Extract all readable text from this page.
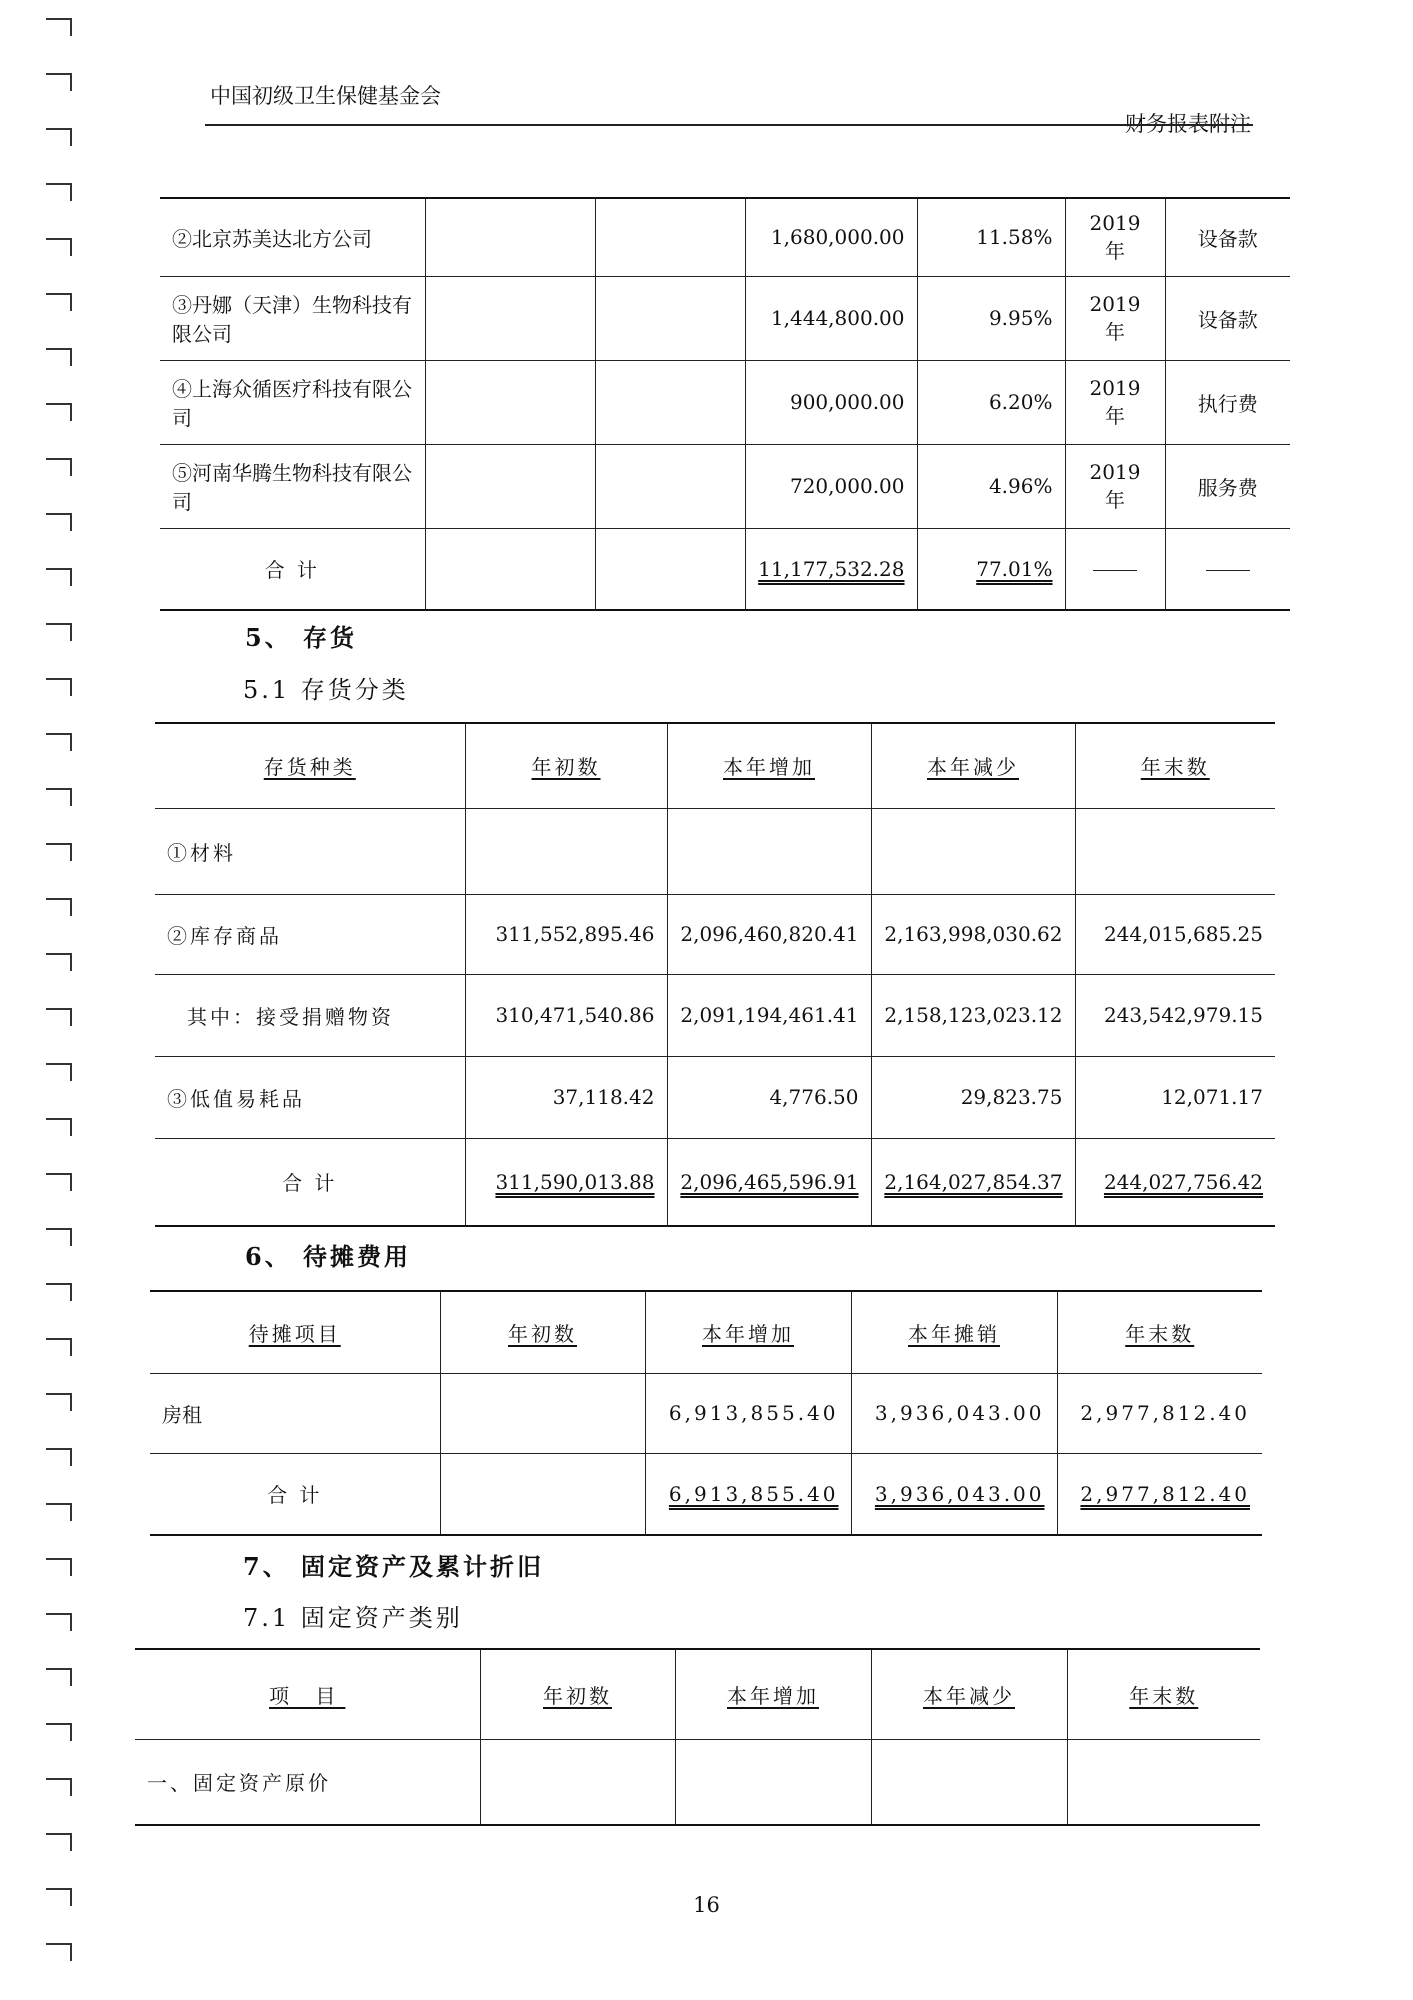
中国初级卫生保健基金会
财务报表附注
②北京苏美达北方公司			1,680,000.00	11.58%	2019 年	设备款
③丹娜（天津）生物科技有限公司			1,444,800.00	9.95%	2019 年	设备款
④上海众循医疗科技有限公司			900,000.00	6.20%	2019 年	执行费
⑤河南华腾生物科技有限公司			720,000.00	4.96%	2019 年	服务费
合 计			11,177,532.28	77.01%		
5、 存货
5.1 存货分类
存货种类	年初数	本年增加	本年减少	年末数
①材料				
②库存商品	311,552,895.46	2,096,460,820.41	2,163,998,030.62	244,015,685.25
其中：接受捐赠物资	310,471,540.86	2,091,194,461.41	2,158,123,023.12	243,542,979.15
③低值易耗品	37,118.42	4,776.50	29,823.75	12,071.17
合 计	311,590,013.88	2,096,465,596.91	2,164,027,854.37	244,027,756.42
6、 待摊费用
待摊项目	年初数	本年增加	本年摊销	年末数
房租		6,913,855.40	3,936,043.00	2,977,812.40
合 计		6,913,855.40	3,936,043.00	2,977,812.40
7、 固定资产及累计折旧
7.1 固定资产类别
项 目	年初数	本年增加	本年减少	年末数
一、固定资产原价				
16
